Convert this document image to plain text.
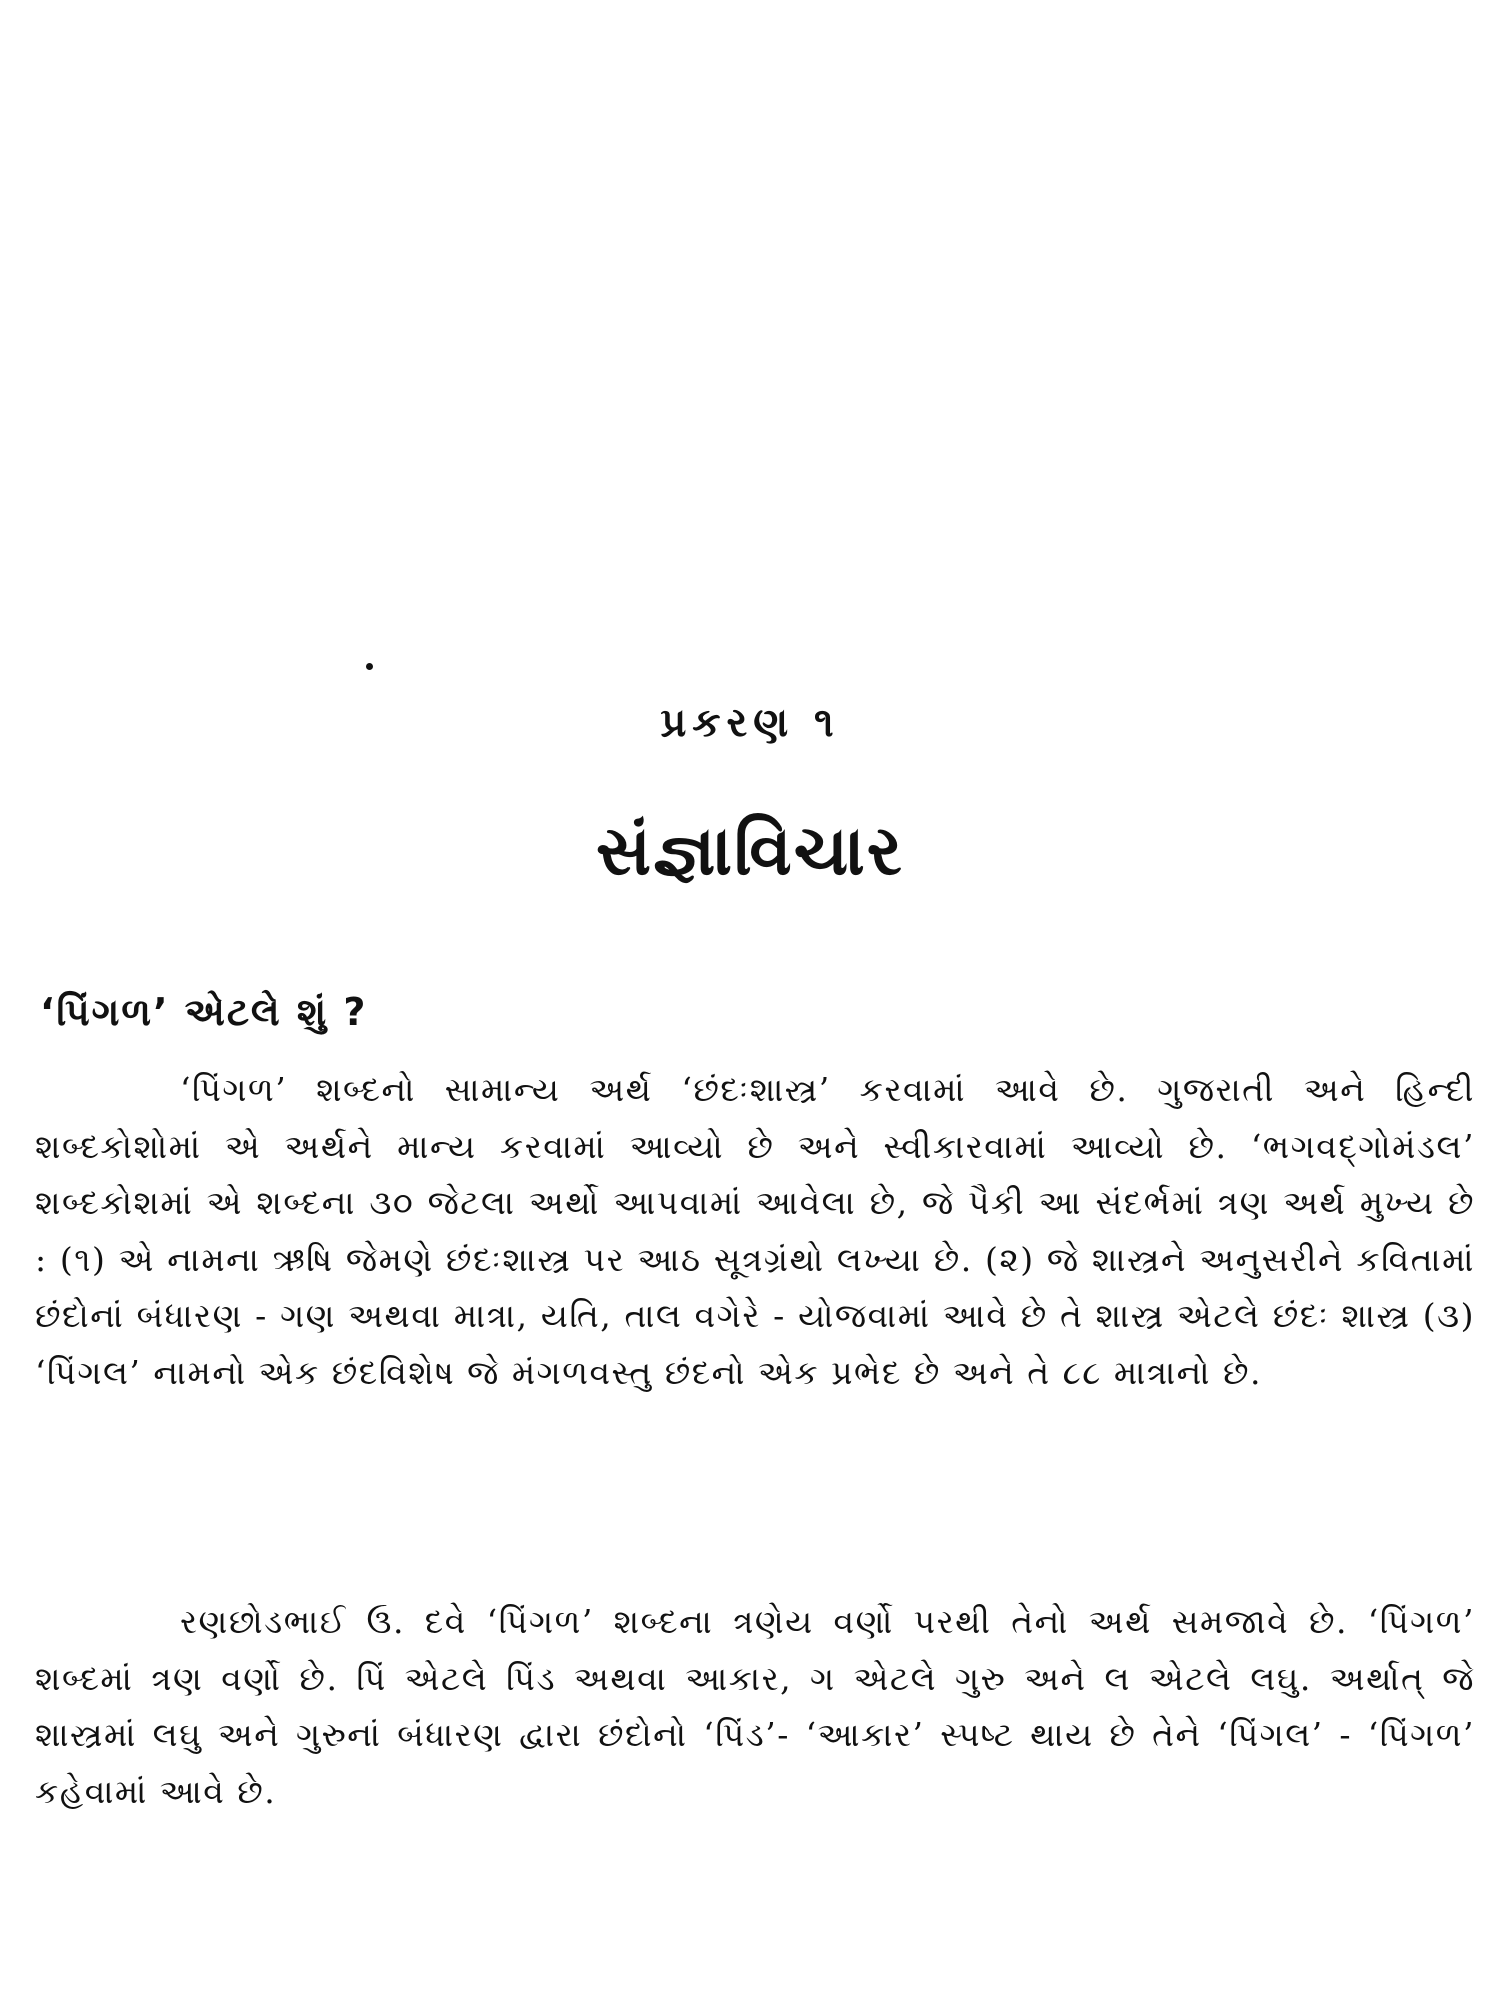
પ્રકરણ ૧
સંજ્ઞાવિચાર
‘પિંગળ’ એટલે શું ?

‘પિંગળ’ શબ્દનો સામાન્ય અર્થ ‘છંદઃશાસ્ત્ર’ કરવામાં આવે છે. ગુજરાતી અને હિન્દી શબ્દકોશોમાં એ અર્થને માન્ય કરવામાં આવ્યો છે અને સ્વીકારવામાં આવ્યો છે. ‘ભગવદ્ગોમંડલ’ શબ્દકોશમાં એ શબ્દના ૩૦ જેટલા અર્થો આપવામાં આવેલા છે, જે પૈકી આ સંદર્ભમાં ત્રણ અર્થ મુખ્ય છે : (૧) એ નામના ઋષિ જેમણે છંદઃશાસ્ત્ર પર આઠ સૂત્રગ્રંથો લખ્યા છે. (૨) જે શાસ્ત્રને અનુસરીને કવિતામાં છંદોનાં બંધારણ - ગણ અથવા માત્રા, યતિ, તાલ વગેરે - યોજવામાં આવે છે તે શાસ્ત્ર એટલે છંદઃ શાસ્ત્ર (૩) ‘પિંગલ’ નામનો એક છંદવિશેષ જે મંગળવસ્તુ છંદનો એક પ્રભેદ છે અને તે ૮૮ માત્રાનો છે.

રણછોડભાઈ ઉ. દવે ‘પિંગળ’ શબ્દના ત્રણેય વર્ણો પરથી તેનો અર્થ સમજાવે છે. ‘પિંગળ’ શબ્દમાં ત્રણ વર્ણો છે. પિં એટલે પિંડ અથવા આકાર, ગ એટલે ગુરુ અને લ એટલે લઘુ. અર્થાત્ જે શાસ્ત્રમાં લઘુ અને ગુરુનાં બંધારણ દ્વારા છંદોનો ‘પિંડ’- ‘આકાર’ સ્પષ્ટ થાય છે તેને ‘પિંગલ’ - ‘પિંગળ’ કહેવામાં આવે છે.
